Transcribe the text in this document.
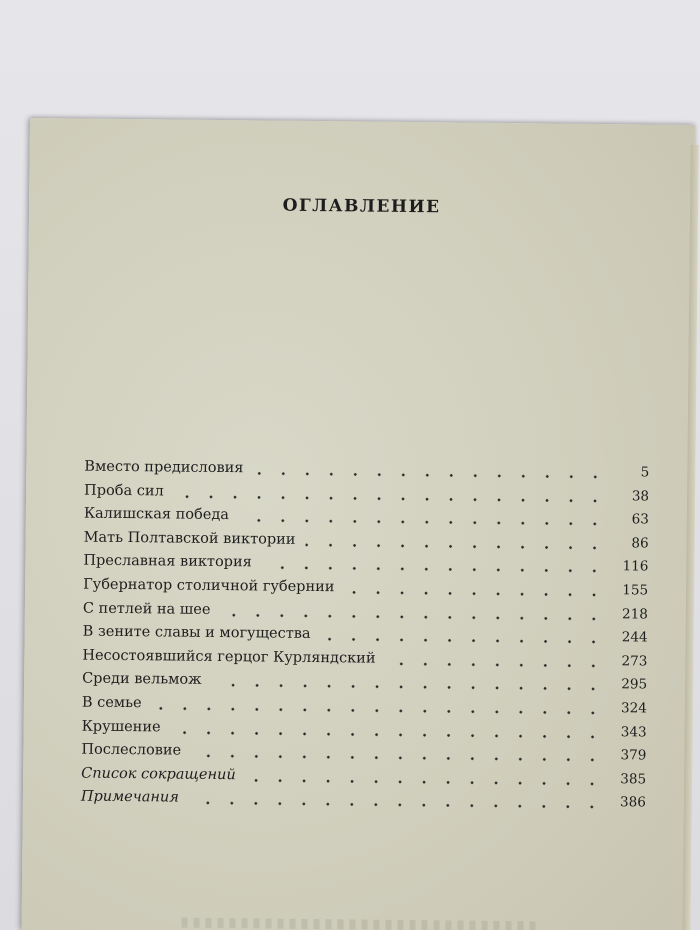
ОГЛАВЛЕНИЕ
Вместо предисловия	5
Проба сил	38
Калишская победа	63
Мать Полтавской виктории	86
Преславная виктория	116
Губернатор столичной губернии	155
С петлей на шее	218
В зените славы и могущества	244
Несостоявшийся герцог Курляндский	273
Среди вельмож	295
В семье	324
Крушение	343
Послесловие	379
Список сокращений	385
Примечания	386
